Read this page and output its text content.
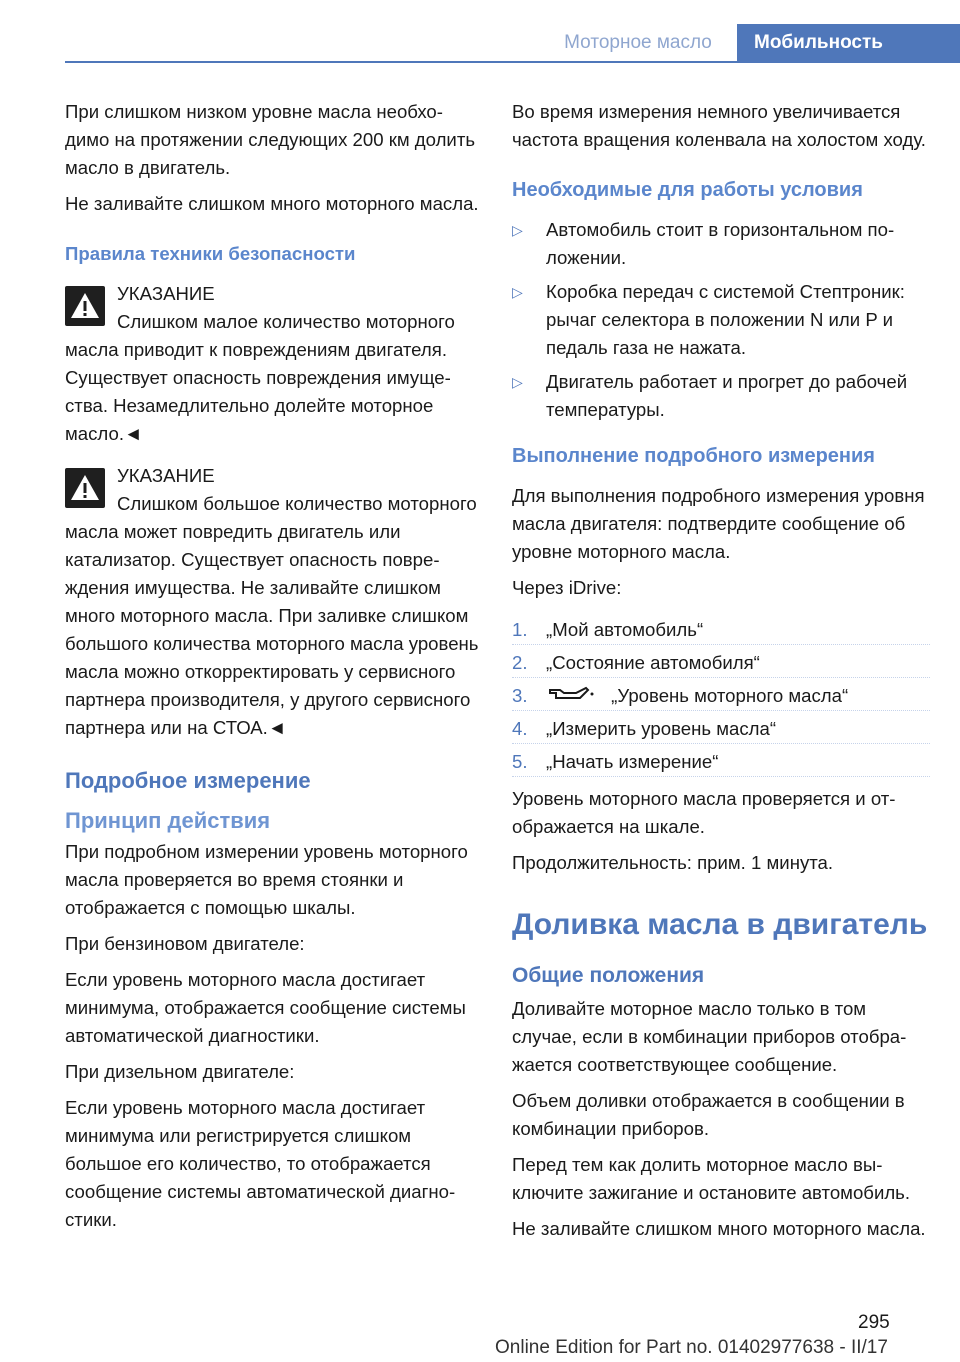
Моторное масло	Мобильность
При слишком низком уровне масла необходимо на протяжении следующих 200 км долить масло в двигатель.
Не заливайте слишком много моторного масла.
Правила техники безопасности
УКАЗАНИЕ
Слишком малое количество моторного масла приводит к повреждениям двигателя. Существует опасность повреждения имущества. Незамедлительно долейте моторное масло.◄
УКАЗАНИЕ
Слишком большое количество моторного масла может повредить двигатель или катализатор. Существует опасность повреждения имущества. Не заливайте слишком много моторного масла. При заливке слишком большого количества моторного масла уровень масла можно откорректировать у сервисного партнера производителя, у другого сервисного партнера или на СТОА.◄
Подробное измерение
Принцип действия
При подробном измерении уровень моторного масла проверяется во время стоянки и отображается с помощью шкалы.
При бензиновом двигателе:
Если уровень моторного масла достигает минимума, отображается сообщение системы автоматической диагностики.
При дизельном двигателе:
Если уровень моторного масла достигает минимума или регистрируется слишком большое его количество, то отображается сообщение системы автоматической диагностики.
Во время измерения немного увеличивается частота вращения коленвала на холостом ходу.
Необходимые для работы условия
▷ Автомобиль стоит в горизонтальном положении.
▷ Коробка передач с системой Стептроник: рычаг селектора в положении N или P и педаль газа не нажата.
▷ Двигатель работает и прогрет до рабочей температуры.
Выполнение подробного измерения
Для выполнения подробного измерения уровня масла двигателя: подтвердите сообщение об уровне моторного масла.
Через iDrive:
1. „Мой автомобиль“
2. „Состояние автомобиля“
3.	„Уровень моторного масла“
4. „Измерить уровень масла“
5. „Начать измерение“
Уровень моторного масла проверяется и отображается на шкале.
Продолжительность: прим. 1 минута.
Доливка масла в двигатель
Общие положения
Доливайте моторное масло только в том случае, если в комбинации приборов отображается соответствующее сообщение.
Объем доливки отображается в сообщении в комбинации приборов.
Перед тем как долить моторное масло выключите зажигание и остановите автомобиль.
Не заливайте слишком много моторного масла.
295
Online Edition for Part no. 01402977638 - II/17
